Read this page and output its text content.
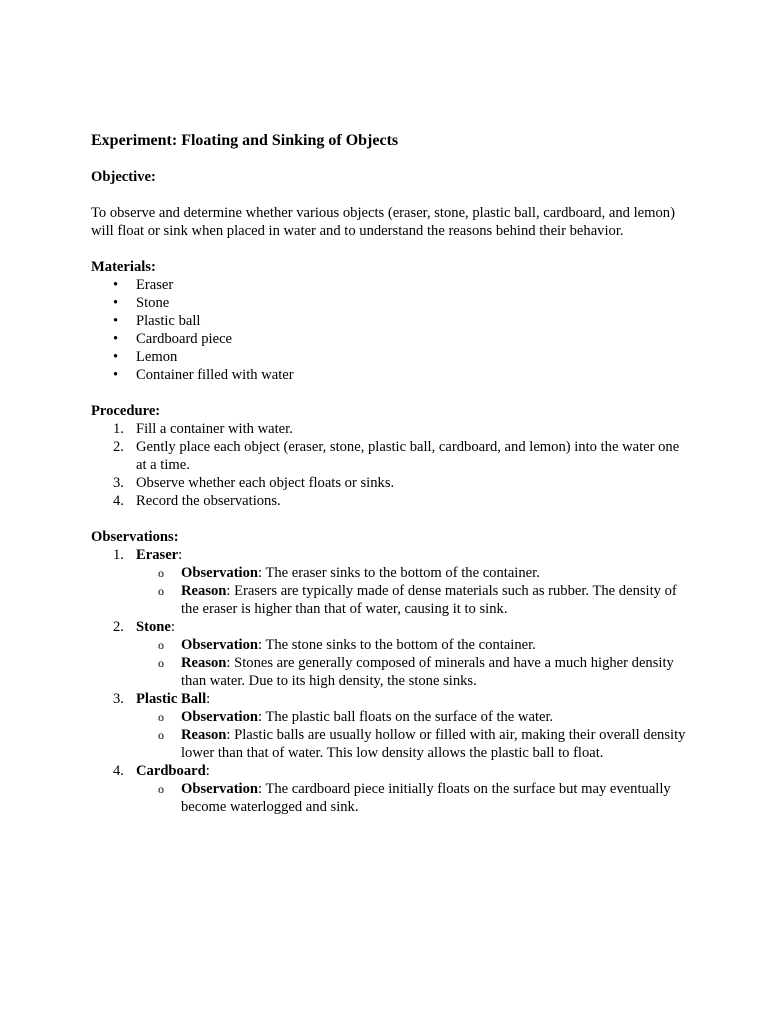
Experiment: Floating and Sinking of Objects

Objective:

To observe and determine whether various objects (eraser, stone, plastic ball, cardboard, and lemon) will float or sink when placed in water and to understand the reasons behind their behavior.

Materials:

• Eraser
• Stone
• Plastic ball
• Cardboard piece
• Lemon
• Container filled with water

Procedure:

1. Fill a container with water.
2. Gently place each object (eraser, stone, plastic ball, cardboard, and lemon) into the water one at a time.
3. Observe whether each object floats or sinks.
4. Record the observations.

Observations:

1. Eraser:
o Observation: The eraser sinks to the bottom of the container.
o Reason: Erasers are typically made of dense materials such as rubber. The density of the eraser is higher than that of water, causing it to sink.
2. Stone:
o Observation: The stone sinks to the bottom of the container.
o Reason: Stones are generally composed of minerals and have a much higher density than water. Due to its high density, the stone sinks.
3. Plastic Ball:
o Observation: The plastic ball floats on the surface of the water.
o Reason: Plastic balls are usually hollow or filled with air, making their overall density lower than that of water. This low density allows the plastic ball to float.
4. Cardboard:
o Observation: The cardboard piece initially floats on the surface but may eventually become waterlogged and sink.
